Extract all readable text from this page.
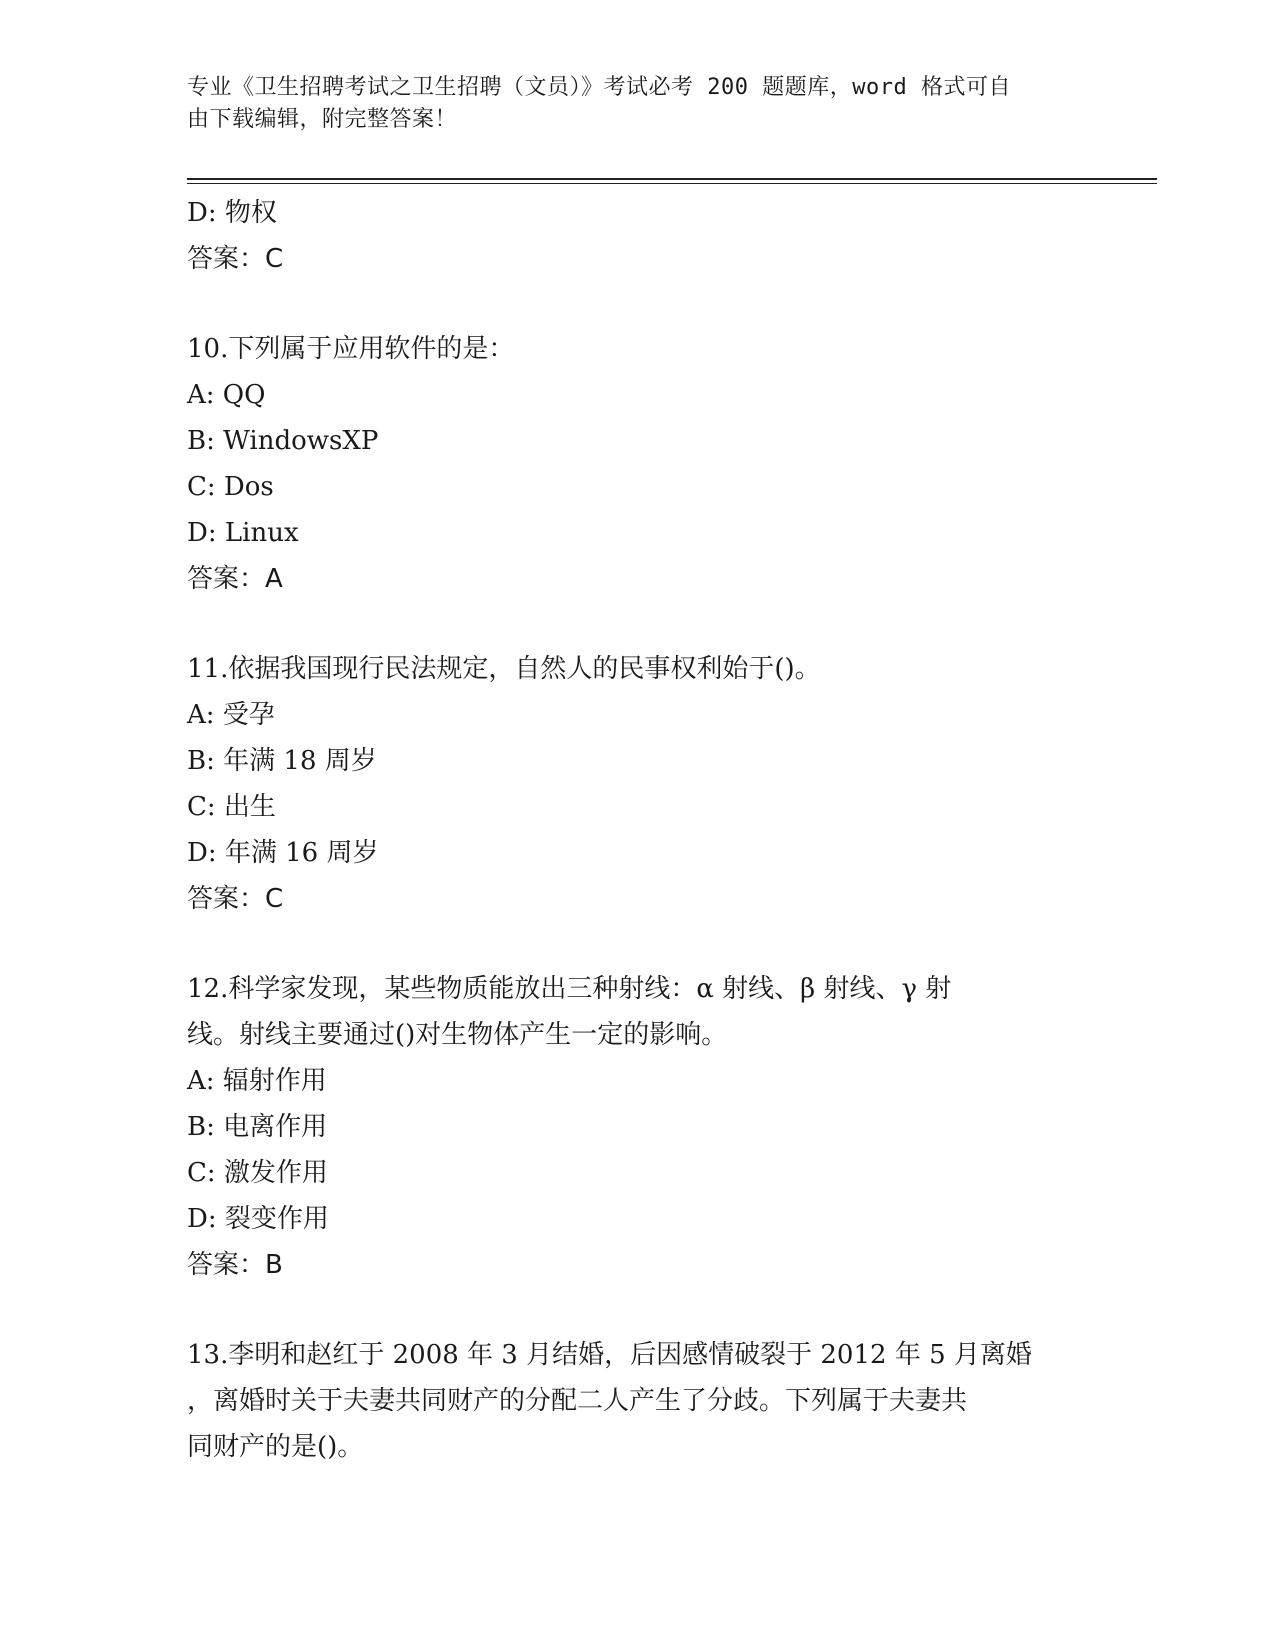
专业《卫生招聘考试之卫生招聘（文员）》考试必考 200 题题库，word 格式可自
由下载编辑，附完整答案！
D: 物权
答案：C
10.下列属于应用软件的是：
A: QQ
B: WindowsXP
C: Dos
D: Linux
答案：A
11.依据我国现行民法规定，自然人的民事权利始于()。
A: 受孕
B: 年满 18 周岁
C: 出生
D: 年满 16 周岁
答案：C
12.科学家发现，某些物质能放出三种射线：α 射线、β 射线、γ 射
线。射线主要通过()对生物体产生一定的影响。
A: 辐射作用
B: 电离作用
C: 激发作用
D: 裂变作用
答案：B
13.李明和赵红于 2008 年 3 月结婚，后因感情破裂于 2012 年 5 月离婚
，离婚时关于夫妻共同财产的分配二人产生了分歧。下列属于夫妻共
同财产的是()。
